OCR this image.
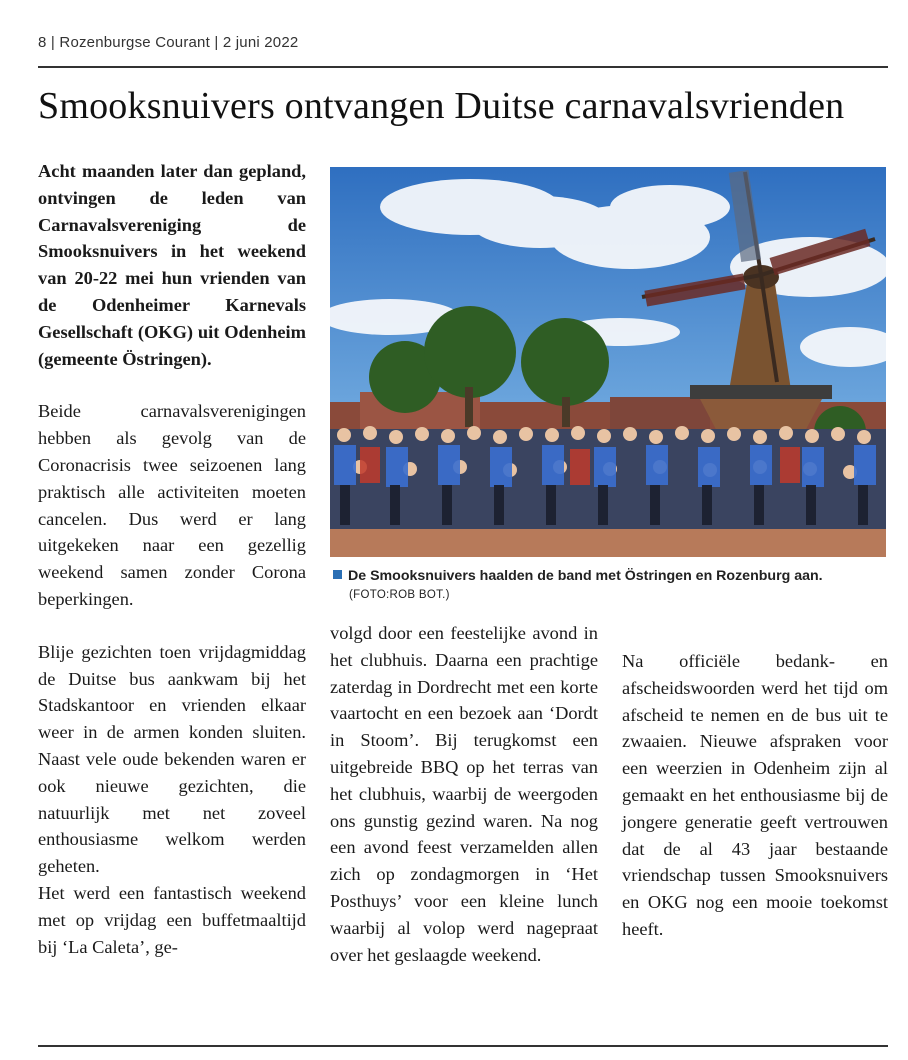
8 | Rozenburgse Courant | 2 juni 2022
Smooksnuivers ontvangen Duitse carnavalsvrienden

Acht maanden later dan gepland, ontvingen de leden van Carnavalsvereniging de Smooksnuivers in het weekend van 20-22 mei hun vrienden van de Odenheimer Karnevals Gesellschaft (OKG) uit Odenheim (gemeente Östringen).

Beide carnavalsverenigingen hebben als gevolg van de Coronacrisis twee seizoenen lang praktisch alle activiteiten moeten cancelen. Dus werd er lang uitgekeken naar een gezellig weekend samen zonder Corona beperkingen.

Blije gezichten toen vrijdagmiddag de Duitse bus aankwam bij het Stadskantoor en vrienden elkaar weer in de armen konden sluiten. Naast vele oude bekenden waren er ook nieuwe gezichten, die natuurlijk met net zoveel enthousiasme welkom werden geheten.

Het werd een fantastisch weekend met op vrijdag een buffetmaaltijd bij ‘La Caleta’, ge-

De Smooksnuivers haalden de band met Östringen en Rozenburg aan.
(FOTO:ROB BOT.)

volgd door een feestelijke avond in het clubhuis. Daarna een prachtige zaterdag in Dordrecht met een korte vaartocht en een bezoek aan ‘Dordt in Stoom’. Bij terugkomst een uitgebreide BBQ op het terras van het clubhuis, waarbij de weergoden ons gunstig gezind waren. Na nog een avond feest verzamelden allen zich op zondagmorgen in ‘Het Posthuys’ voor een kleine lunch waarbij al volop werd nagepraat over het geslaagde weekend.

Na officiële bedank- en afscheidswoorden werd het tijd om afscheid te nemen en de bus uit te zwaaien. Nieuwe afspraken voor een weerzien in Odenheim zijn al gemaakt en het enthousiasme bij de jongere generatie geeft vertrouwen dat de al 43 jaar bestaande vriendschap tussen Smooksnuivers en OKG nog een mooie toekomst heeft.
